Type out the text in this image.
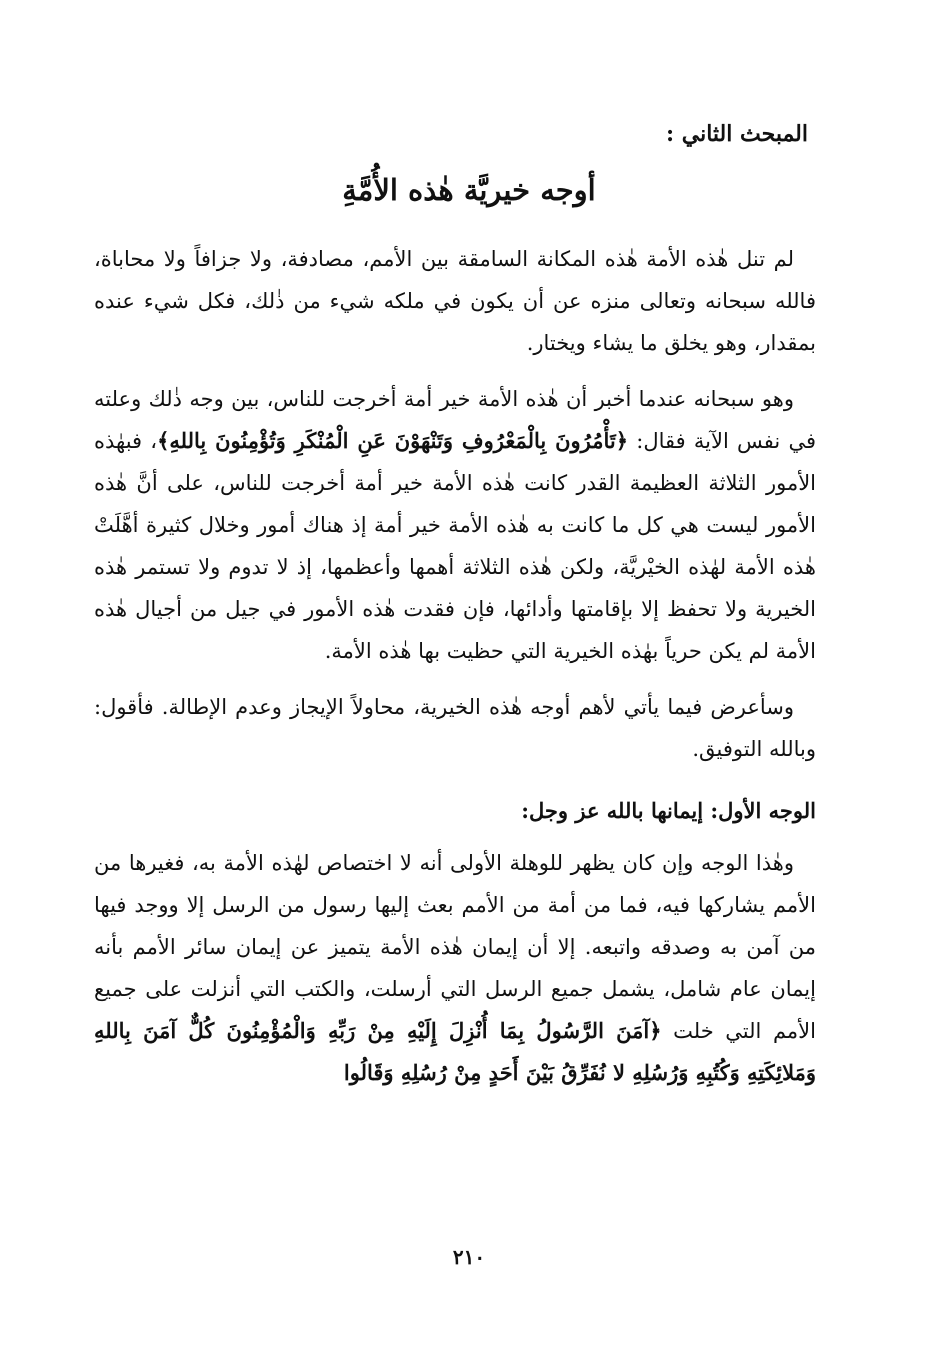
المبحث الثاني :
أوجه خيريَّة هٰذه الأُمَّةِ

لم تنل هٰذه الأمة هٰذه المكانة السامقة بين الأمم، مصادفة، ولا جزافاً ولا محاباة، فالله سبحانه وتعالى منزه عن أن يكون في ملكه شيء من ذٰلك، فكل شيء عنده بمقدار، وهو يخلق ما يشاء ويختار.

وهو سبحانه عندما أخبر أن هٰذه الأمة خير أمة أخرجت للناس، بين وجه ذٰلك وعلته في نفس الآية فقال: ﴿تَأْمُرُونَ بِالْمَعْرُوفِ وَتَنْهَوْنَ عَنِ الْمُنْكَرِ وَتُؤْمِنُونَ بِاللهِ﴾، فبهٰذه الأمور الثلاثة العظيمة القدر كانت هٰذه الأمة خير أمة أخرجت للناس، على أنَّ هٰذه الأمور ليست هي كل ما كانت به هٰذه الأمة خير أمة إذ هناك أمور وخلال كثيرة أهَّلَتْ هٰذه الأمة لهٰذه الخيْريَّة، ولكن هٰذه الثلاثة أهمها وأعظمها، إذ لا تدوم ولا تستمر هٰذه الخيرية ولا تحفظ إلا بإقامتها وأدائها، فإن فقدت هٰذه الأمور في جيل من أجيال هٰذه الأمة لم يكن حرياً بهٰذه الخيرية التي حظيت بها هٰذه الأمة.

وسأعرض فيما يأتي لأهم أوجه هٰذه الخيرية، محاولاً الإيجاز وعدم الإطالة. فأقول: وبالله التوفيق.

الوجه الأول: إيمانها بالله عز وجل:

وهٰذا الوجه وإن كان يظهر للوهلة الأولى أنه لا اختصاص لهٰذه الأمة به، فغيرها من الأمم يشاركها فيه، فما من أمة من الأمم بعث إليها رسول من الرسل إلا ووجد فيها من آمن به وصدقه واتبعه. إلا أن إيمان هٰذه الأمة يتميز عن إيمان سائر الأمم بأنه إيمان عام شامل، يشمل جميع الرسل التي أرسلت، والكتب التي أنزلت على جميع الأمم التي خلت ﴿آمَنَ الرَّسُولُ بِمَا أُنْزِلَ إِلَيْهِ مِنْ رَبِّهِ وَالْمُؤْمِنُونَ كُلٌّ آمَنَ بِاللهِ وَمَلائِكَتِهِ وَكُتُبِهِ وَرُسُلِهِ لا نُفَرِّقُ بَيْنَ أَحَدٍ مِنْ رُسُلِهِ وَقَالُوا

٢١٠
